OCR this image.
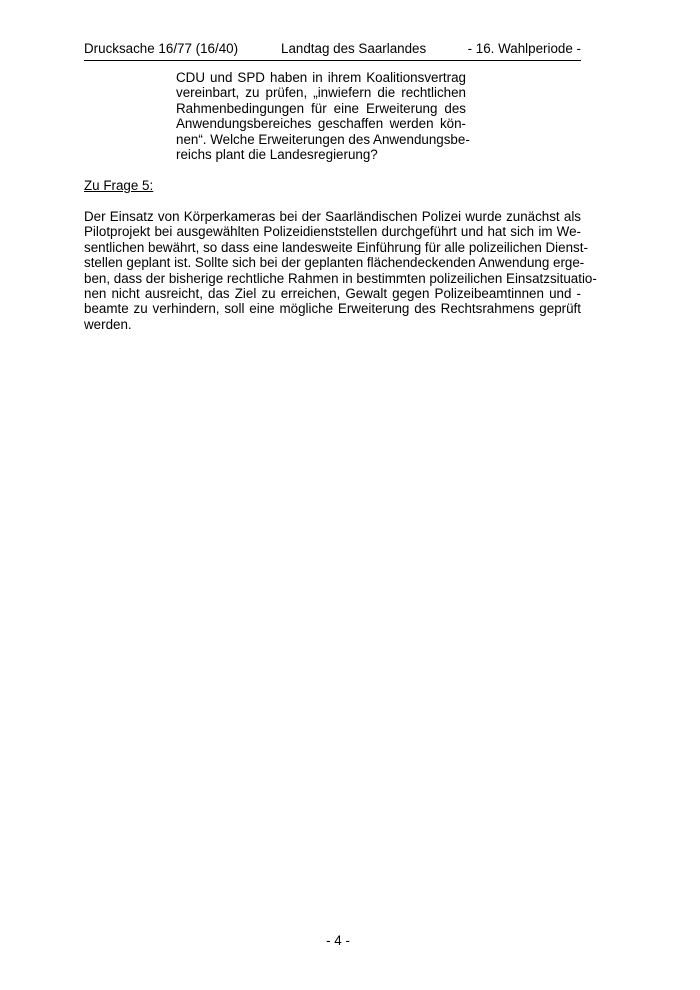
Drucksache 16/77 (16/40)	Landtag des Saarlandes	- 16. Wahlperiode -
CDU und SPD haben in ihrem Koalitionsvertrag
vereinbart, zu prüfen, „inwiefern die rechtlichen
Rahmenbedingungen für eine Erweiterung des
Anwendungsbereiches geschaffen werden kön-
nen“. Welche Erweiterungen des Anwendungsbe-
reichs plant die Landesregierung?
Zu Frage 5:
Der Einsatz von Körperkameras bei der Saarländischen Polizei wurde zunächst als
Pilotprojekt bei ausgewählten Polizeidienststellen durchgeführt und hat sich im We-
sentlichen bewährt, so dass eine landesweite Einführung für alle polizeilichen Dienst-
stellen geplant ist. Sollte sich bei der geplanten flächendeckenden Anwendung erge-
ben, dass der bisherige rechtliche Rahmen in bestimmten polizeilichen Einsatzsituatio-
nen nicht ausreicht, das Ziel zu erreichen, Gewalt gegen Polizeibeamtinnen und -
beamte zu verhindern, soll eine mögliche Erweiterung des Rechtsrahmens geprüft
werden.
- 4 -
